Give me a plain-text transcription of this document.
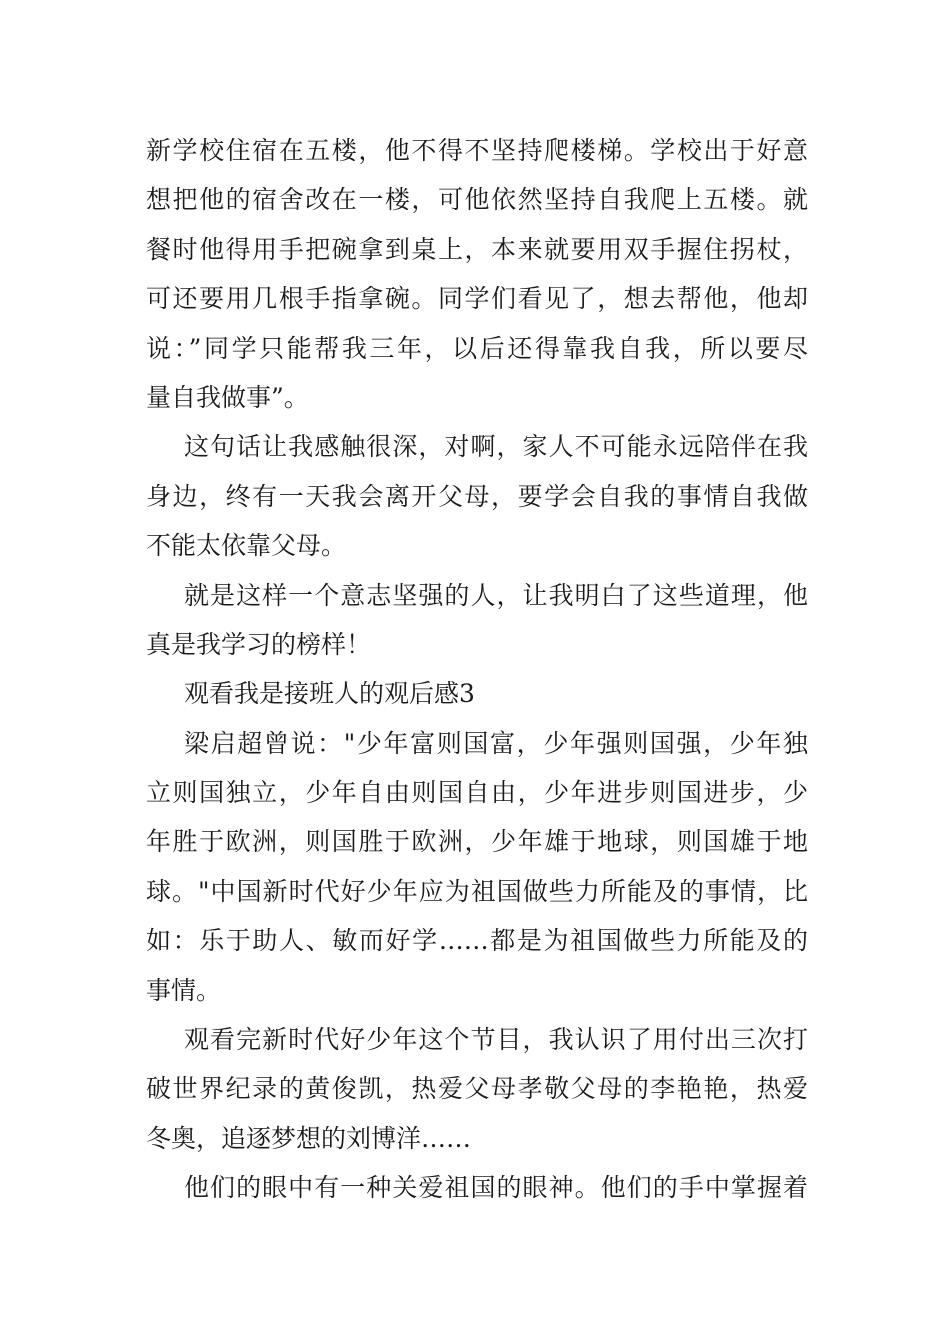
新学校住宿在五楼，他不得不坚持爬楼梯。学校出于好意
想把他的宿舍改在一楼，可他依然坚持自我爬上五楼。就
餐时他得用手把碗拿到桌上，本来就要用双手握住拐杖，
可还要用几根手指拿碗。同学们看见了，想去帮他，他却
说：”同学只能帮我三年，以后还得靠我自我，所以要尽
量自我做事”。
这句话让我感触很深，对啊，家人不可能永远陪伴在我
身边，终有一天我会离开父母，要学会自我的事情自我做
不能太依靠父母。
就是这样一个意志坚强的人，让我明白了这些道理，他
真是我学习的榜样！
观看我是接班人的观后感3
梁启超曾说："少年富则国富，少年强则国强，少年独
立则国独立，少年自由则国自由，少年进步则国进步，少
年胜于欧洲，则国胜于欧洲，少年雄于地球，则国雄于地
球。"中国新时代好少年应为祖国做些力所能及的事情，比
如：乐于助人、敏而好学……都是为祖国做些力所能及的
事情。
观看完新时代好少年这个节目，我认识了用付出三次打
破世界纪录的黄俊凯，热爱父母孝敬父母的李艳艳，热爱
冬奥，追逐梦想的刘博洋……
他们的眼中有一种关爱祖国的眼神。他们的手中掌握着
